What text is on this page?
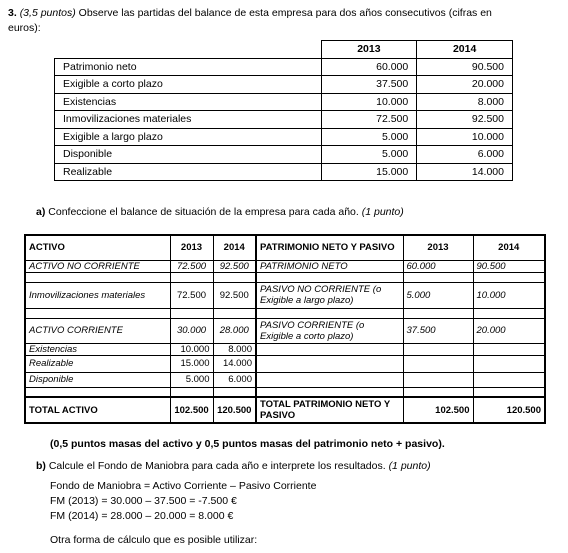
3. (3,5 puntos) Observe las partidas del balance de esta empresa para dos años consecutivos (cifras en
euros):
	2013	2014
Patrimonio neto	60.000	90.500
Exigible a corto plazo	37.500	20.000
Existencias	10.000	8.000
Inmovilizaciones materiales	72.500	92.500
Exigible a largo plazo	5.000	10.000
Disponible	5.000	6.000
Realizable	15.000	14.000
a) Confeccione el balance de situación de la empresa para cada año. (1 punto)
ACTIVO	2013	2014	PATRIMONIO NETO Y PASIVO	2013	2014
ACTIVO NO CORRIENTE	72.500	92.500	PATRIMONIO NETO	60.000	90.500

Inmovilizaciones materiales	72.500	92.500	PASIVO NO CORRIENTE (o Exigible a largo plazo)	5.000	10.000

ACTIVO CORRIENTE	30.000	28.000	PASIVO CORRIENTE (o Exigible a corto plazo)	37.500	20.000
Existencias	10.000	8.000			
Realizable	15.000	14.000			
Disponible	5.000	6.000			

TOTAL ACTIVO	102.500	120.500	TOTAL PATRIMONIO NETO Y PASIVO	102.500	120.500
(0,5 puntos masas del activo y 0,5 puntos masas del patrimonio neto + pasivo).
b) Calcule el Fondo de Maniobra para cada año e interprete los resultados. (1 punto)
Fondo de Maniobra = Activo Corriente – Pasivo Corriente
FM (2013) = 30.000 – 37.500 = -7.500 €
FM (2014) = 28.000 – 20.000 = 8.000 €
Otra forma de cálculo que es posible utilizar:
